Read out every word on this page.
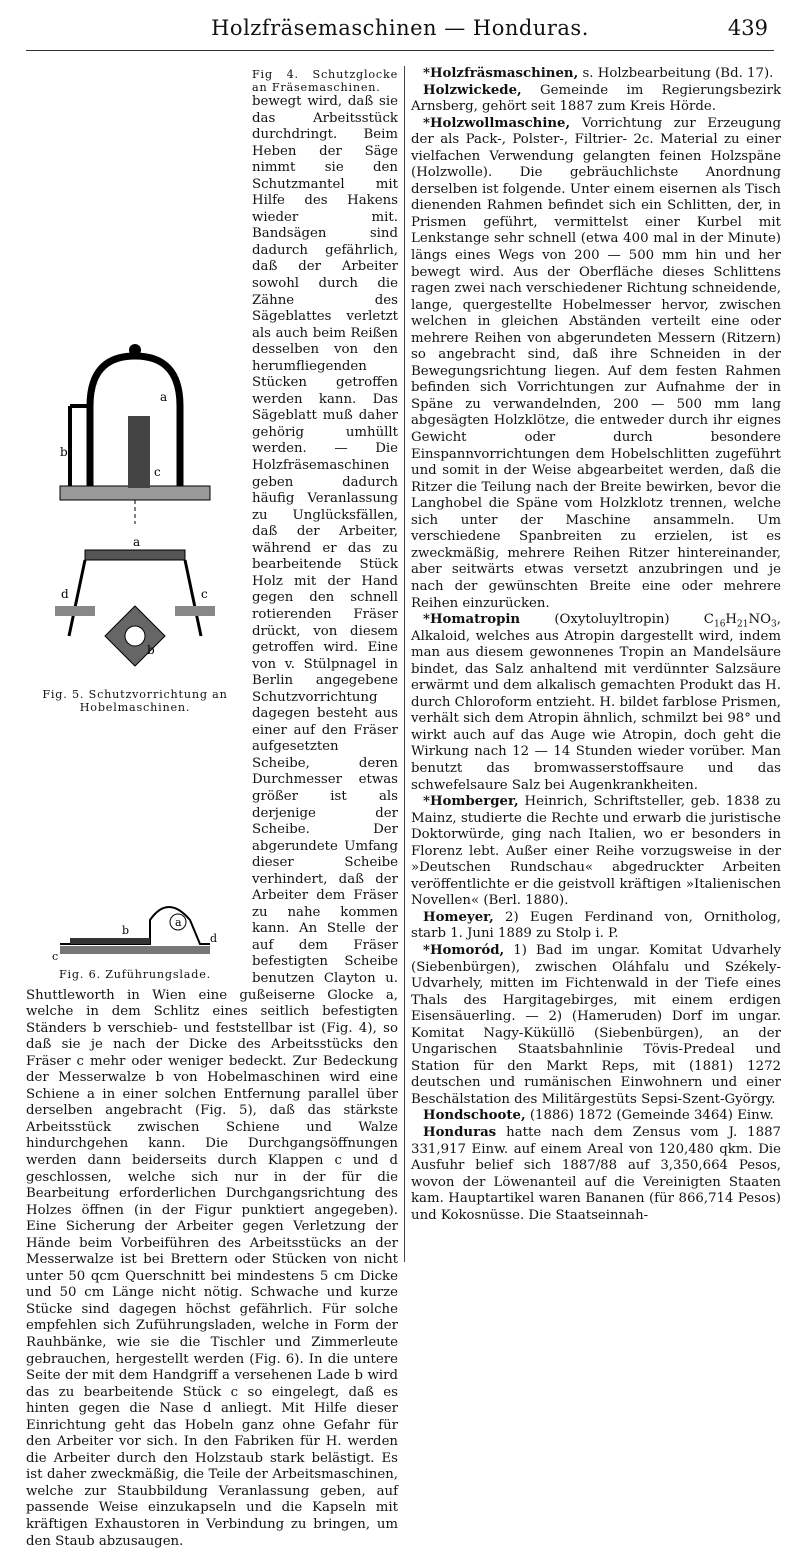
Holzfräsemaschinen — Honduras.	439

a
b
c

Fig 4. Schutzglocke an Fräsemaschinen.
a
b
c
d
Fig. 5. Schutzvorrichtung an Hobelmaschinen.
a
b
c
d
Fig. 6. Zuführungslade.
bewegt wird, daß sie das Arbeitsstück durchdringt. Beim Heben der Säge nimmt sie den Schutzmantel mit Hilfe des Hakens wieder mit. Bandsägen sind dadurch gefährlich, daß der Arbeiter sowohl durch die Zähne des Sägeblattes verletzt als auch beim Reißen desselben von den herumfliegenden Stücken getroffen werden kann. Das Sägeblatt muß daher gehörig umhüllt werden. — Die Holzfräsemaschinen geben dadurch häufig Veranlassung zu Unglücksfällen, daß der Arbeiter, während er das zu bearbeitende Stück Holz mit der Hand gegen den schnell rotierenden Fräser drückt, von diesem getroffen wird. Eine von v. Stülpnagel in Berlin angegebene Schutzvorrichtung dagegen besteht aus einer auf den Fräser aufgesetzten Scheibe, deren Durchmesser etwas größer ist als derjenige der Scheibe. Der abgerundete Umfang dieser Scheibe verhindert, daß der Arbeiter dem Fräser zu nahe kommen kann. An Stelle der auf dem Fräser befestigten Scheibe benutzen Clayton u. Shuttleworth in Wien eine gußeiserne Glocke a, welche in dem Schlitz eines seitlich befestigten Ständers b verschieb- und feststellbar ist (Fig. 4), so daß sie je nach der Dicke des Arbeitsstücks den Fräser c mehr oder weniger bedeckt. Zur Bedeckung der Messerwalze b von Hobelmaschinen wird eine Schiene a in einer solchen Entfernung parallel über derselben angebracht (Fig. 5), daß das stärkste Arbeitsstück zwischen Schiene und Walze hindurchgehen kann. Die Durchgangsöffnungen werden dann beiderseits durch Klappen c und d geschlossen, welche sich nur in der für die Bearbeitung erforderlichen Durchgangsrichtung des Holzes öffnen (in der Figur punktiert angegeben). Eine Sicherung der Arbeiter gegen Verletzung der Hände beim Vorbeiführen des Arbeitsstücks an der Messerwalze ist bei Brettern oder Stücken von nicht unter 50 qcm Querschnitt bei mindestens 5 cm Dicke und 50 cm Länge nicht nötig. Schwache und kurze Stücke sind dagegen höchst gefährlich. Für solche empfehlen sich Zuführungsladen, welche in Form der Rauhbänke, wie sie die Tischler und Zimmerleute gebrauchen, hergestellt werden (Fig. 6). In die untere Seite der mit dem Handgriff a versehenen Lade b wird das zu bearbeitende Stück c so eingelegt, daß es hinten gegen die Nase d anliegt. Mit Hilfe dieser Einrichtung geht das Hobeln ganz ohne Gefahr für den Arbeiter vor sich. In den Fabriken für H. werden die Arbeiter durch den Holzstaub stark belästigt. Es ist daher zweckmäßig, die Teile der Arbeitsmaschinen, welche zur Staubbildung Veranlassung geben, auf passende Weise einzukapseln und die Kapseln mit kräftigen Exhaustoren in Verbindung zu bringen, um den Staub abzusaugen.

*Holzfräsmaschinen, s. Holzbearbeitung (Bd. 17).

Holzwickede, Gemeinde im Regierungsbezirk Arnsberg, gehört seit 1887 zum Kreis Hörde.

*Holzwollmaschine, Vorrichtung zur Erzeugung der als Pack-, Polster-, Filtrier- 2c. Material zu einer vielfachen Verwendung gelangten feinen Holzspäne (Holzwolle). Die gebräuchlichste Anordnung derselben ist folgende. Unter einem eisernen als Tisch dienenden Rahmen befindet sich ein Schlitten, der, in Prismen geführt, vermittelst einer Kurbel mit Lenkstange sehr schnell (etwa 400 mal in der Minute) längs eines Wegs von 200 — 500 mm hin und her bewegt wird. Aus der Oberfläche dieses Schlittens ragen zwei nach verschiedener Richtung schneidende, lange, quergestellte Hobelmesser hervor, zwischen welchen in gleichen Abständen verteilt eine oder mehrere Reihen von abgerundeten Messern (Ritzern) so angebracht sind, daß ihre Schneiden in der Bewegungsrichtung liegen. Auf dem festen Rahmen befinden sich Vorrichtungen zur Aufnahme der in Späne zu verwandelnden, 200 — 500 mm lang abgesägten Holzklötze, die entweder durch ihr eignes Gewicht oder durch besondere Einspannvorrichtungen dem Hobelschlitten zugeführt und somit in der Weise abgearbeitet werden, daß die Ritzer die Teilung nach der Breite bewirken, bevor die Langhobel die Späne vom Holzklotz trennen, welche sich unter der Maschine ansammeln. Um verschiedene Spanbreiten zu erzielen, ist es zweckmäßig, mehrere Reihen Ritzer hintereinander, aber seitwärts etwas versetzt anzubringen und je nach der gewünschten Breite eine oder mehrere Reihen einzurücken.

*Homatropin (Oxytoluyltropin) $C_{16}H_{21}NO_3$, Alkaloid, welches aus Atropin dargestellt wird, indem man aus diesem gewonnenes Tropin an Mandelsäure bindet, das Salz anhaltend mit verdünnter Salzsäure erwärmt und dem alkalisch gemachten Produkt das H. durch Chloroform entzieht. H. bildet farblose Prismen, verhält sich dem Atropin ähnlich, schmilzt bei 98° und wirkt auch auf das Auge wie Atropin, doch geht die Wirkung nach 12 — 14 Stunden wieder vorüber. Man benutzt das bromwasserstoffsaure und das schwefelsaure Salz bei Augenkrankheiten.

*Homberger, Heinrich, Schriftsteller, geb. 1838 zu Mainz, studierte die Rechte und erwarb die juristische Doktorwürde, ging nach Italien, wo er besonders in Florenz lebt. Außer einer Reihe vorzugsweise in der »Deutschen Rundschau« abgedruckter Arbeiten veröffentlichte er die geistvoll kräftigen »Italienischen Novellen« (Berl. 1880).

Homeyer, 2) Eugen Ferdinand von, Ornitholog, starb 1. Juni 1889 zu Stolp i. P.

*Homoród, 1) Bad im ungar. Komitat Udvarhely (Siebenbürgen), zwischen Oláhfalu und Székely-Udvarhely, mitten im Fichtenwald in der Tiefe eines Thals des Hargitagebirges, mit einem erdigen Eisensäuerling. — 2) (Hameruden) Dorf im ungar. Komitat Nagy-Küküllö (Siebenbürgen), an der Ungarischen Staatsbahnlinie Tövis-Predeal und Station für den Markt Reps, mit (1881) 1272 deutschen und rumänischen Einwohnern und einer Beschälstation des Militärgestüts Sepsi-Szent-György.

Hondschoote, (1886) 1872 (Gemeinde 3464) Einw.

Honduras hatte nach dem Zensus vom J. 1887 331,917 Einw. auf einem Areal von 120,480 qkm. Die Ausfuhr belief sich 1887/88 auf 3,350,664 Pesos, wovon der Löwenanteil auf die Vereinigten Staaten kam. Hauptartikel waren Bananen (für 866,714 Pesos) und Kokosnüsse. Die Staatseinnah-
